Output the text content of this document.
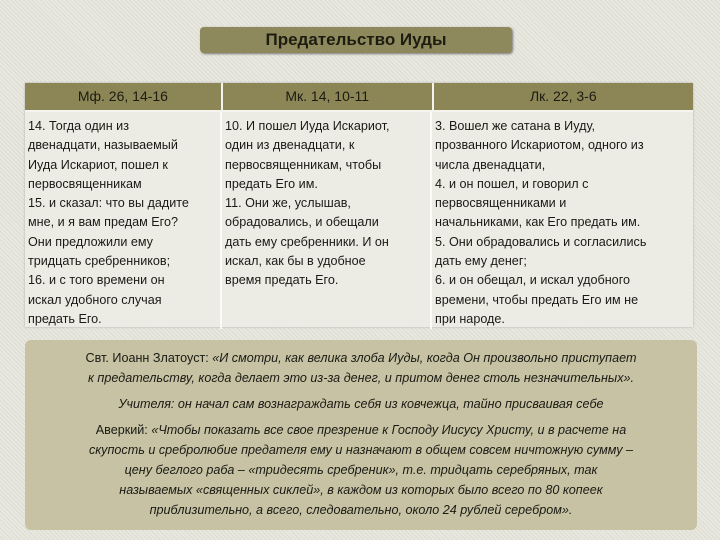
Предательство Иуды
Мф. 26, 14-16	Мк. 14, 10-11	Лк. 22, 3-6
14. Тогда один из
двенадцати, называемый
Иуда Искариот, пошел к
первосвященникам
15. и сказал: что вы дадите
мне, и я вам предам Его?
Они предложили ему
тридцать сребренников;
16. и с того времени он
искал удобного случая
предать Его.
10. И пошел Иуда Искариот,
один из двенадцати, к
первосвященникам, чтобы
предать Его им.
11. Они же, услышав,
обрадовались, и обещали
дать ему сребренники. И он
искал, как бы в удобное
время предать Его.
3. Вошел же сатана в Иуду,
прозванного Искариотом, одного из
числа двенадцати,
4. и он пошел, и говорил с
первосвященниками и
начальниками, как Его предать им.
5. Они обрадовались и согласились
дать ему денег;
6. и он обещал, и искал удобного
времени, чтобы предать Его им не
при народе.

Свт. Иоанн Златоуст: «И смотри, как велика злоба Иуды, когда Он произвольно приступает
к предательству, когда делает это из-за денег, и притом денег столь незначительных».

Учителя: он начал сам вознаграждать себя из ковчежца, тайно присваивая себе

Аверкий: «Чтобы показать все свое презрение к Господу Иисусу Христу, и в расчете на
скупость и сребролюбие предателя ему и назначают в общем совсем ничтожную сумму –
цену беглого раба – «тридесять сребреник», т.е. тридцать серебряных, так
называемых «священных сиклей», в каждом из которых было всего по 80 копеек
приблизительно, а всего, следовательно, около 24 рублей серебром».
